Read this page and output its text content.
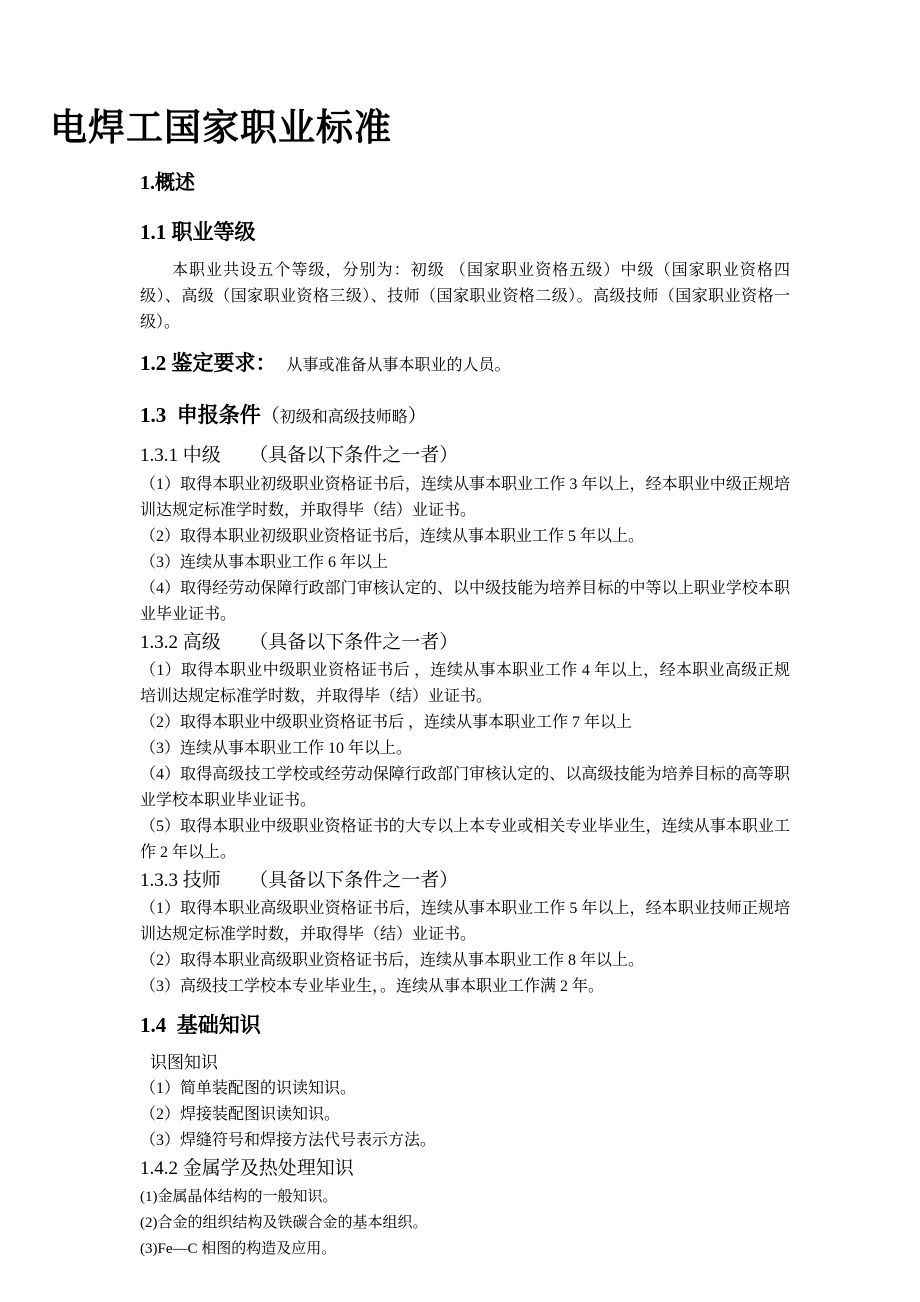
电焊工国家职业标准
1.概述
1.1 职业等级

本职业共设五个等级，分别为：初级 （国家职业资格五级）中级（国家职业资格四级）、高级（国家职业资格三级）、技师（国家职业资格二级）。高级技师（国家职业资格一级）。

1.2 鉴定要求： 从事或准备从事本职业的人员。
1.3  申报条件（初级和高级技师略）
1.3.1 中级　　（具备以下条件之一者）

（1）取得本职业初级职业资格证书后，连续从事本职业工作 3 年以上，经本职业中级正规培训达规定标准学时数，并取得毕（结）业证书。

（2）取得本职业初级职业资格证书后，连续从事本职业工作 5 年以上。

（3）连续从事本职业工作 6 年以上

（4）取得经劳动保障行政部门审核认定的、以中级技能为培养目标的中等以上职业学校本职业毕业证书。

1.3.2 高级　　（具备以下条件之一者）

（1）取得本职业中级职业资格证书后 ，连续从事本职业工作 4 年以上，经本职业高级正规培训达规定标准学时数，并取得毕（结）业证书。

（2）取得本职业中级职业资格证书后 ，连续从事本职业工作 7 年以上

（3）连续从事本职业工作 10 年以上。

（4）取得高级技工学校或经劳动保障行政部门审核认定的、以高级技能为培养目标的高等职业学校本职业毕业证书。

（5）取得本职业中级职业资格证书的大专以上本专业或相关专业毕业生，连续从事本职业工作 2 年以上。

1.3.3 技师　　（具备以下条件之一者）

（1）取得本职业高级职业资格证书后，连续从事本职业工作 5 年以上，经本职业技师正规培训达规定标准学时数，并取得毕（结）业证书。

（2）取得本职业高级职业资格证书后，连续从事本职业工作 8 年以上。

（3）高级技工学校本专业毕业生，。连续从事本职业工作满 2 年。

1.4  基础知识

识图知识

（1）简单装配图的识读知识。

（2）焊接装配图识读知识。

（3）焊缝符号和焊接方法代号表示方法。

1.4.2 金属学及热处理知识

(1)金属晶体结构的一般知识。

(2)合金的组织结构及铁碳合金的基本组织。

(3)Fe—C 相图的构造及应用。
